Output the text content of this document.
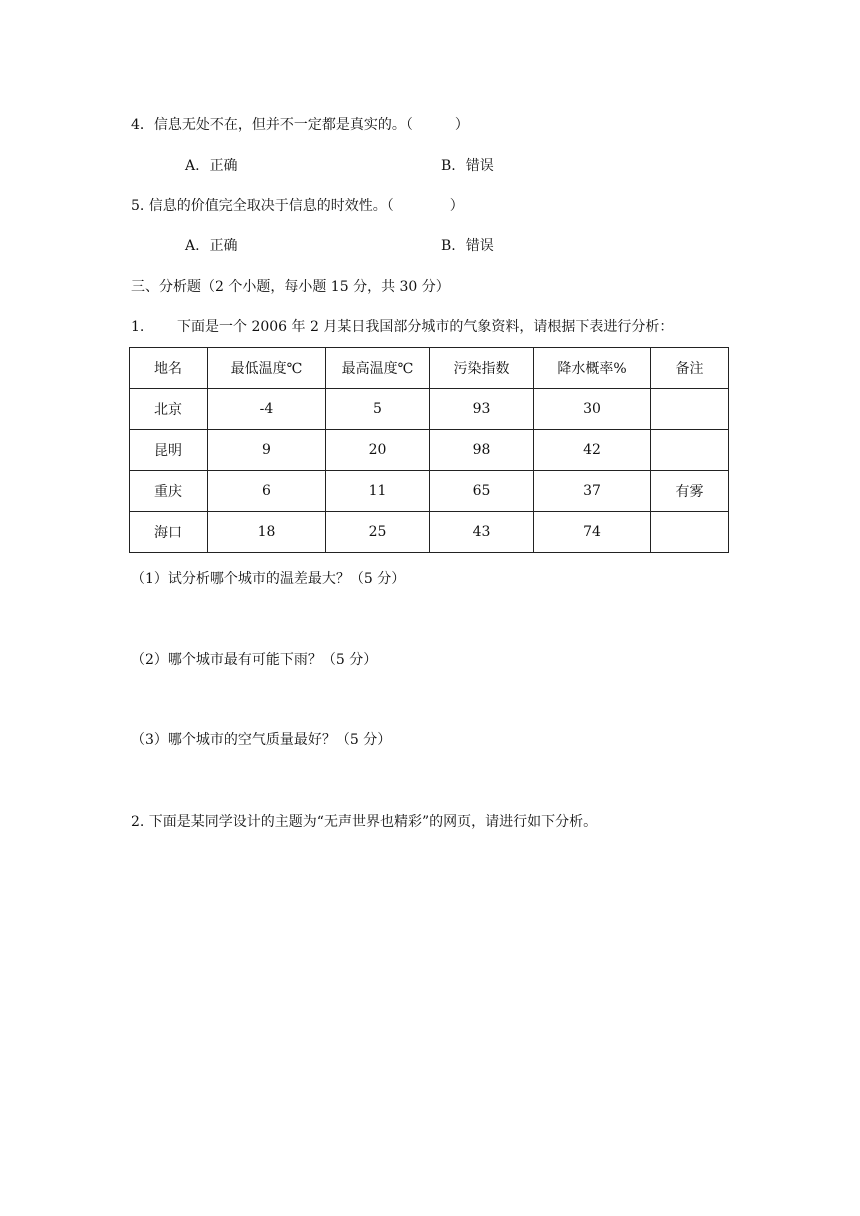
4．信息无处不在，但并不一定都是真实的。（　　　）
A. 正确	B. 错误
5. 信息的价值完全取决于信息的时效性。（　　　　）
A. 正确	B. 错误
三、分析题（2 个小题，每小题 15 分，共 30 分）
1. 下面是一个 2006 年 2 月某日我国部分城市的气象资料，请根据下表进行分析：
地名	最低温度℃	最高温度℃	污染指数	降水概率%	备注
北京	-4	5	93	30	
昆明	9	20	98	42	
重庆	6	11	65	37	有雾
海口	18	25	43	74	
（1）试分析哪个城市的温差最大？（5 分）
（2）哪个城市最有可能下雨？（5 分）
（3）哪个城市的空气质量最好？（5 分）
2. 下面是某同学设计的主题为“无声世界也精彩”的网页，请进行如下分析。
